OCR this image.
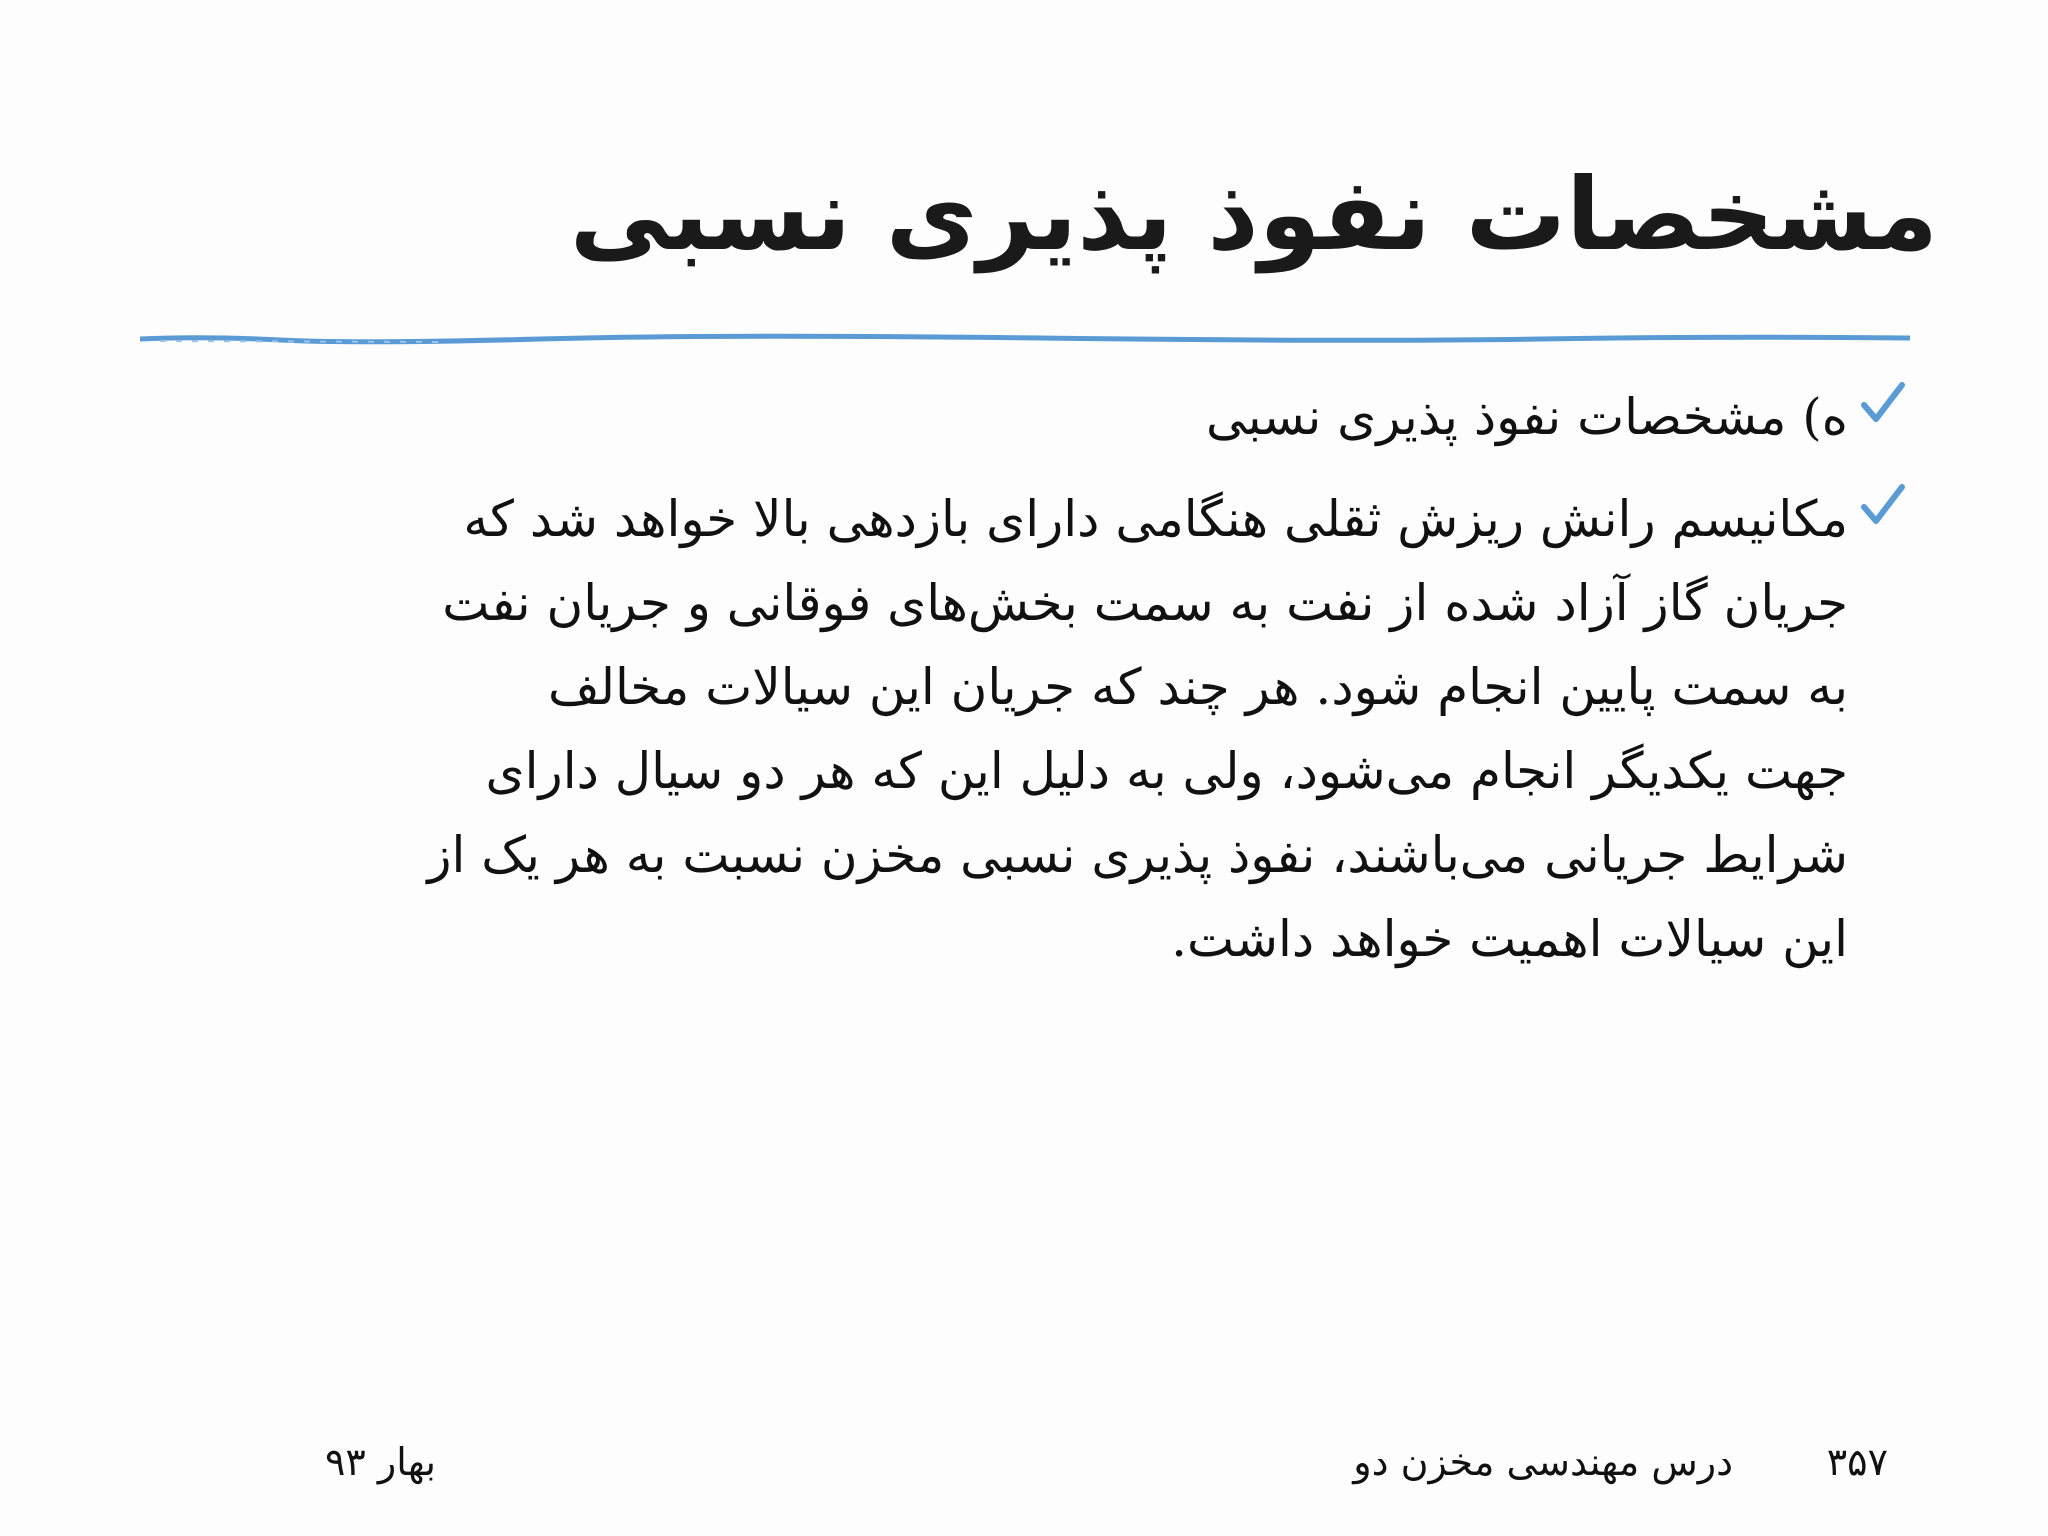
مشخصات نفوذ پذیری نسبی
ه) مشخصات نفوذ پذیری نسبی
مکانیسم رانش ریزش ثقلی هنگامی دارای بازدهی بالا خواهد شد که
جریان گاز آزاد شده از نفت به سمت بخش‌های فوقانی و جریان نفت
به سمت پایین انجام شود. هر چند که جریان این سیالات مخالف
جهت یکدیگر انجام می‌شود، ولی به دلیل این که هر دو سیال دارای
شرایط جریانی می‌باشند، نفوذ پذیری نسبی مخزن نسبت به هر یک از
این سیالات اهمیت خواهد داشت.
۳۵۷
درس مهندسی مخزن دو
بهار ۹۳
